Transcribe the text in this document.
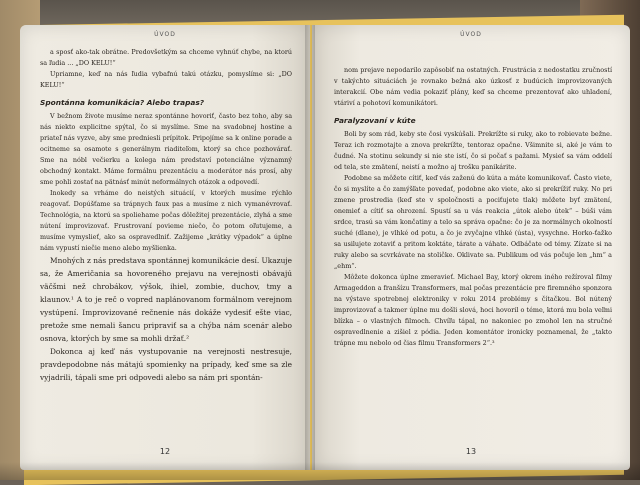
ÚVOD

a sposť ako-tak obrátne. Predovšetkým sa chceme vyhnúť chybe, na ktorú sa ľudia ... „DO KELU!“

Upriamne, keď na nás ľudia vybafnú takú otázku, pomyslíme si: „DO KELU!“

Spontánna komunikácia? Alebo trapas?

V bežnom živote musíme neraz spontánne hovoriť, často bez toho, aby sa nás niekto explicitne spýtal, čo si myslíme. Sme na svadobnej hostine a priateľ nás vyzve, aby sme predniesli prípitok. Pripojíme sa k online porade a ocitneme sa osamote s generálnym riaditeľom, ktorý sa chce pozhovárať. Sme na nóbl večierku a kolega nám predstaví potenciálne významný obchodný kontakt. Máme formálnu prezentáciu a moderátor nás prosí, aby sme pohli zostať na pätnásť minút neformálnych otázok a odpovedí.

Inokedy sa vrháme do neistých situácií, v ktorých musíme rýchlo reagovať. Dopúšťame sa trápnych faux pas a musíme z nich vymanévrovať. Technológia, na ktorú sa spoliehame počas dôležitej prezentácie, zlyhá a sme nútení improvizovať. Frustrovaní povieme niečo, čo potom oľutujeme, a musíme vymyslieť, ako sa ospravedlniť. Zažijeme „krátky výpadok“ a úplne nám vypustí niečie meno alebo myšlienka.

Mnohých z nás predstava spontánnej komunikácie desí. Ukazuje sa, že Američania sa hovoreného prejavu na verejnosti obávajú väčšmi než chrobákov, výšok, ihiel, zombie, duchov, tmy a klaunov.¹ A to je reč o vopred naplánovanom formálnom verejnom vystúpení. Improvizované rečnenie nás dokáže vydesiť ešte viac, pretože sme nemali šancu pripraviť sa a chýba nám scenár alebo osnova, ktorých by sme sa mohli držať.²

Dokonca aj keď nás vystupovanie na verejnosti nestresuje, pravdepodobne nás mátajú spomienky na prípady, keď sme sa zle vyjadrili, tápali sme pri odpovedi alebo sa nám pri spontán-

12
ÚVOD

nom prejave nepodarilo zapôsobiť na ostatných. Frustrácia z nedostatku zručností v takýchto situáciách je rovnako bežná ako úzkosť z budúcich improvizovaných interakcií. Obe nám vedia pokaziť plány, keď sa chceme prezentovať ako uhladení, vtáriví a pohotoví komunikátori.

Paralyzovaní v kúte

Boli by som rád, keby ste čosi vyskúšali. Prekrížte si ruky, ako to robievate bežne. Teraz ich rozmotajte a znova prekrížte, tentoraz opačne. Všimnite si, aké je vám to čudné. Na stotinu sekundy si nie ste istí, čo si počať s pažami. Mysieť sa vám oddelí od tela, ste zmätení, neistí a možno aj trošku panikárite.

Podobne sa môžete cítiť, keď vás zaženú do kúta a máte komunikovať. Často viete, čo si myslíte a čo zamýšľate povedať, podobne ako viete, ako si prekrížiť ruky. No pri zmene prostredia (keď ste v spoločnosti a pociťujete tlak) môžete byť zmätení, onemieť a cítiť sa ohrození. Spustí sa u vás reakcia „útok alebo útek“ – búši vám srdce, trasú sa vám končatiny a telo sa správa opačne: čo je za normálnych okolností suché (dlane), je vlhké od potu, a čo je zvyčajne vlhké (ústa), vysychne. Horko-ťažko sa usilujete zotaviť a pritom koktáte, tárate a váhate. Odbáčate od témy. Zízate si na ruky alebo sa scvrkávate na stoličke. Oklivate sa. Publikum od vás počuje len „hm“ a „ehm“.

Môžete dokonca úplne zmeravieť. Michael Bay, ktorý okrem iného režíroval filmy Armageddon a franšízu Transformers, mal počas prezentácie pre firemného sponzora na výstave spotrebnej elektroniky v roku 2014 problémy s čítačkou. Bol nútený improvizovať a takmer úplne mu došli slová, hoci hovoril o téme, ktorá mu bola veľmi blízka – o vlastných filmoch. Chvíľu tápal, no nakoniec po zmohol len na stručné ospravedlnenie a zišiel z pódia. Jeden komentátor ironicky poznamenal, že „takto trápne mu nebolo od čias filmu Transformers 2“.³

13
